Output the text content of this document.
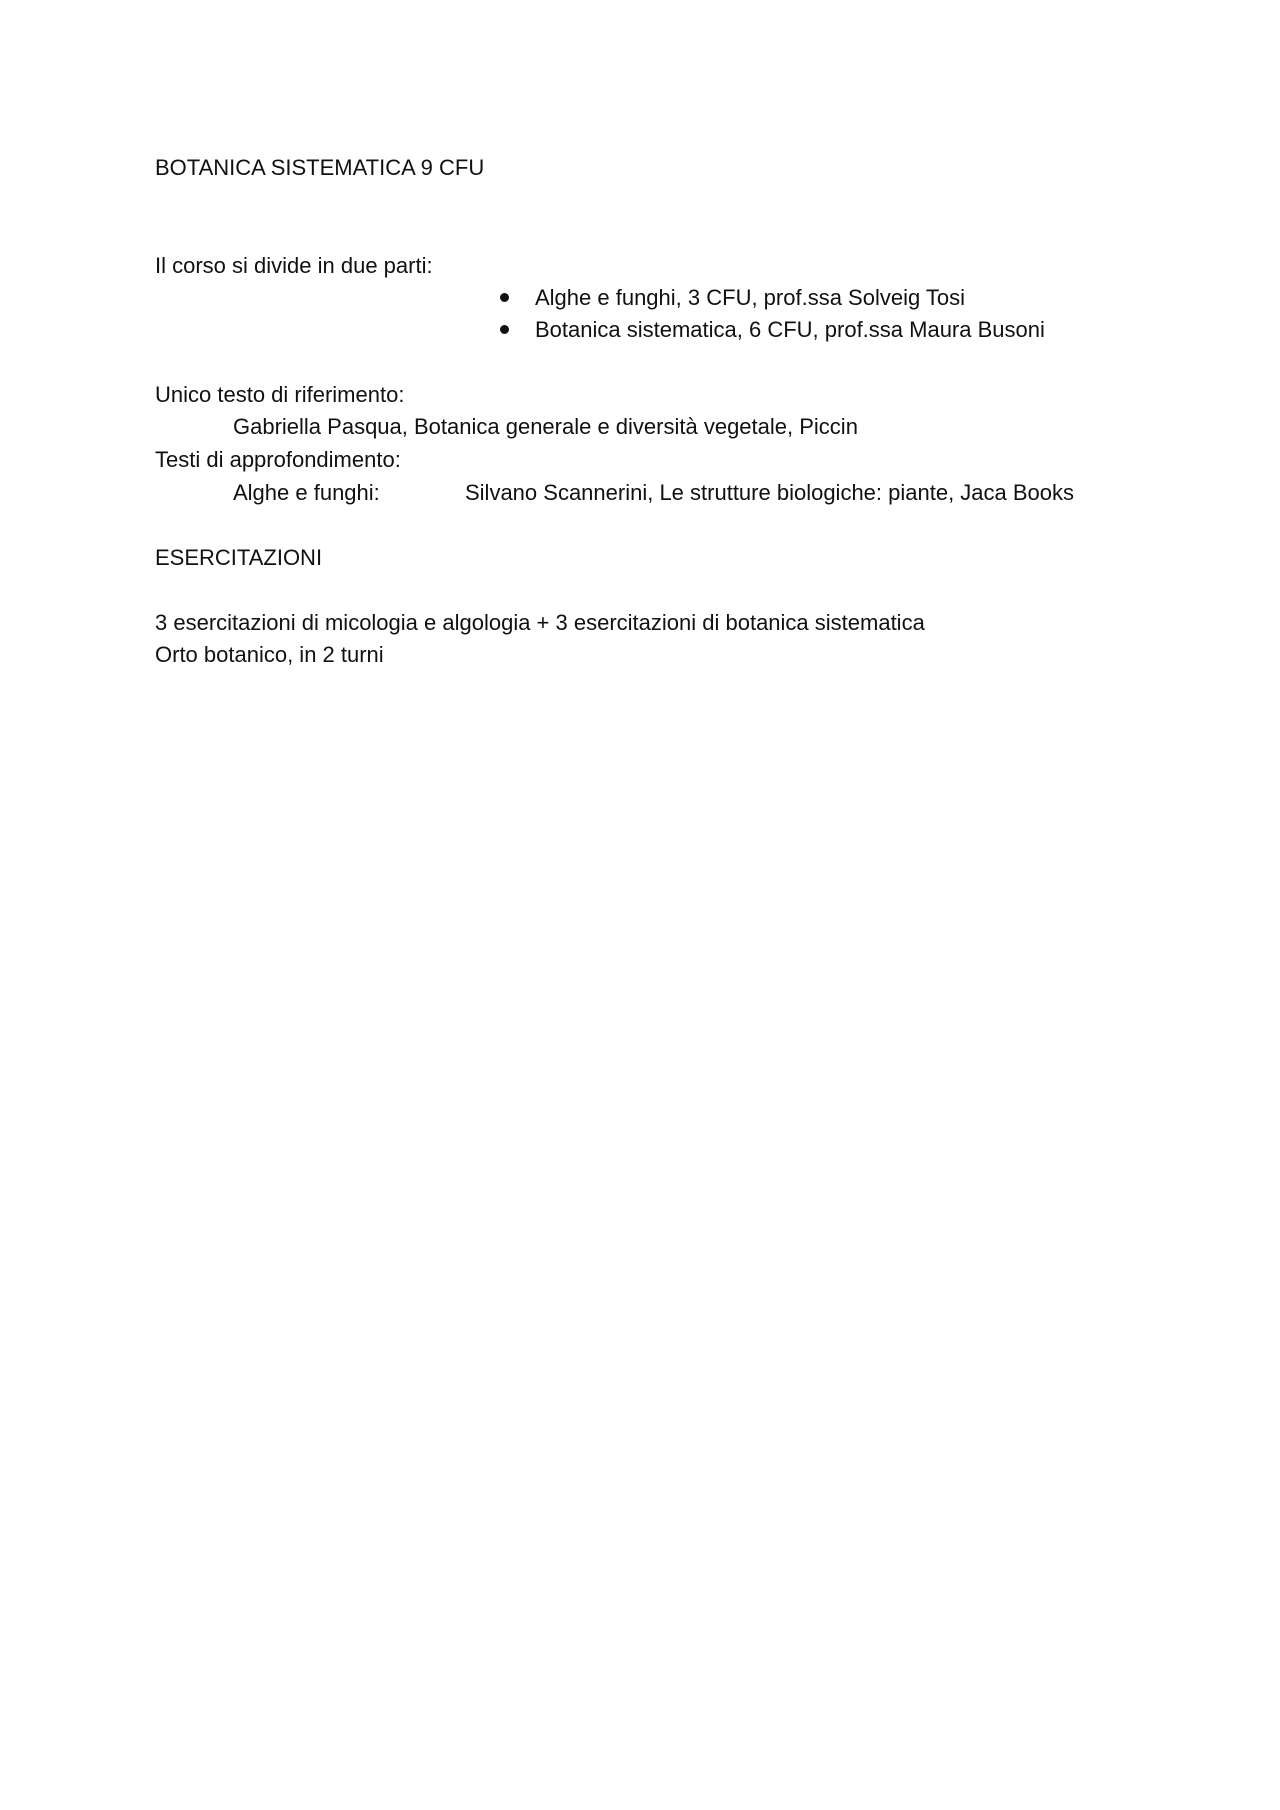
BOTANICA SISTEMATICA 9 CFU
Il corso si divide in due parti:
Alghe e funghi, 3 CFU, prof.ssa Solveig Tosi
Botanica sistematica, 6 CFU, prof.ssa Maura Busoni
Unico testo di riferimento:
Gabriella Pasqua, Botanica generale e diversità vegetale, Piccin
Testi di approfondimento:
Alghe e funghi:	Silvano Scannerini, Le strutture biologiche: piante, Jaca Books
ESERCITAZIONI
3 esercitazioni di micologia e algologia + 3 esercitazioni di botanica sistematica
Orto botanico, in 2 turni
